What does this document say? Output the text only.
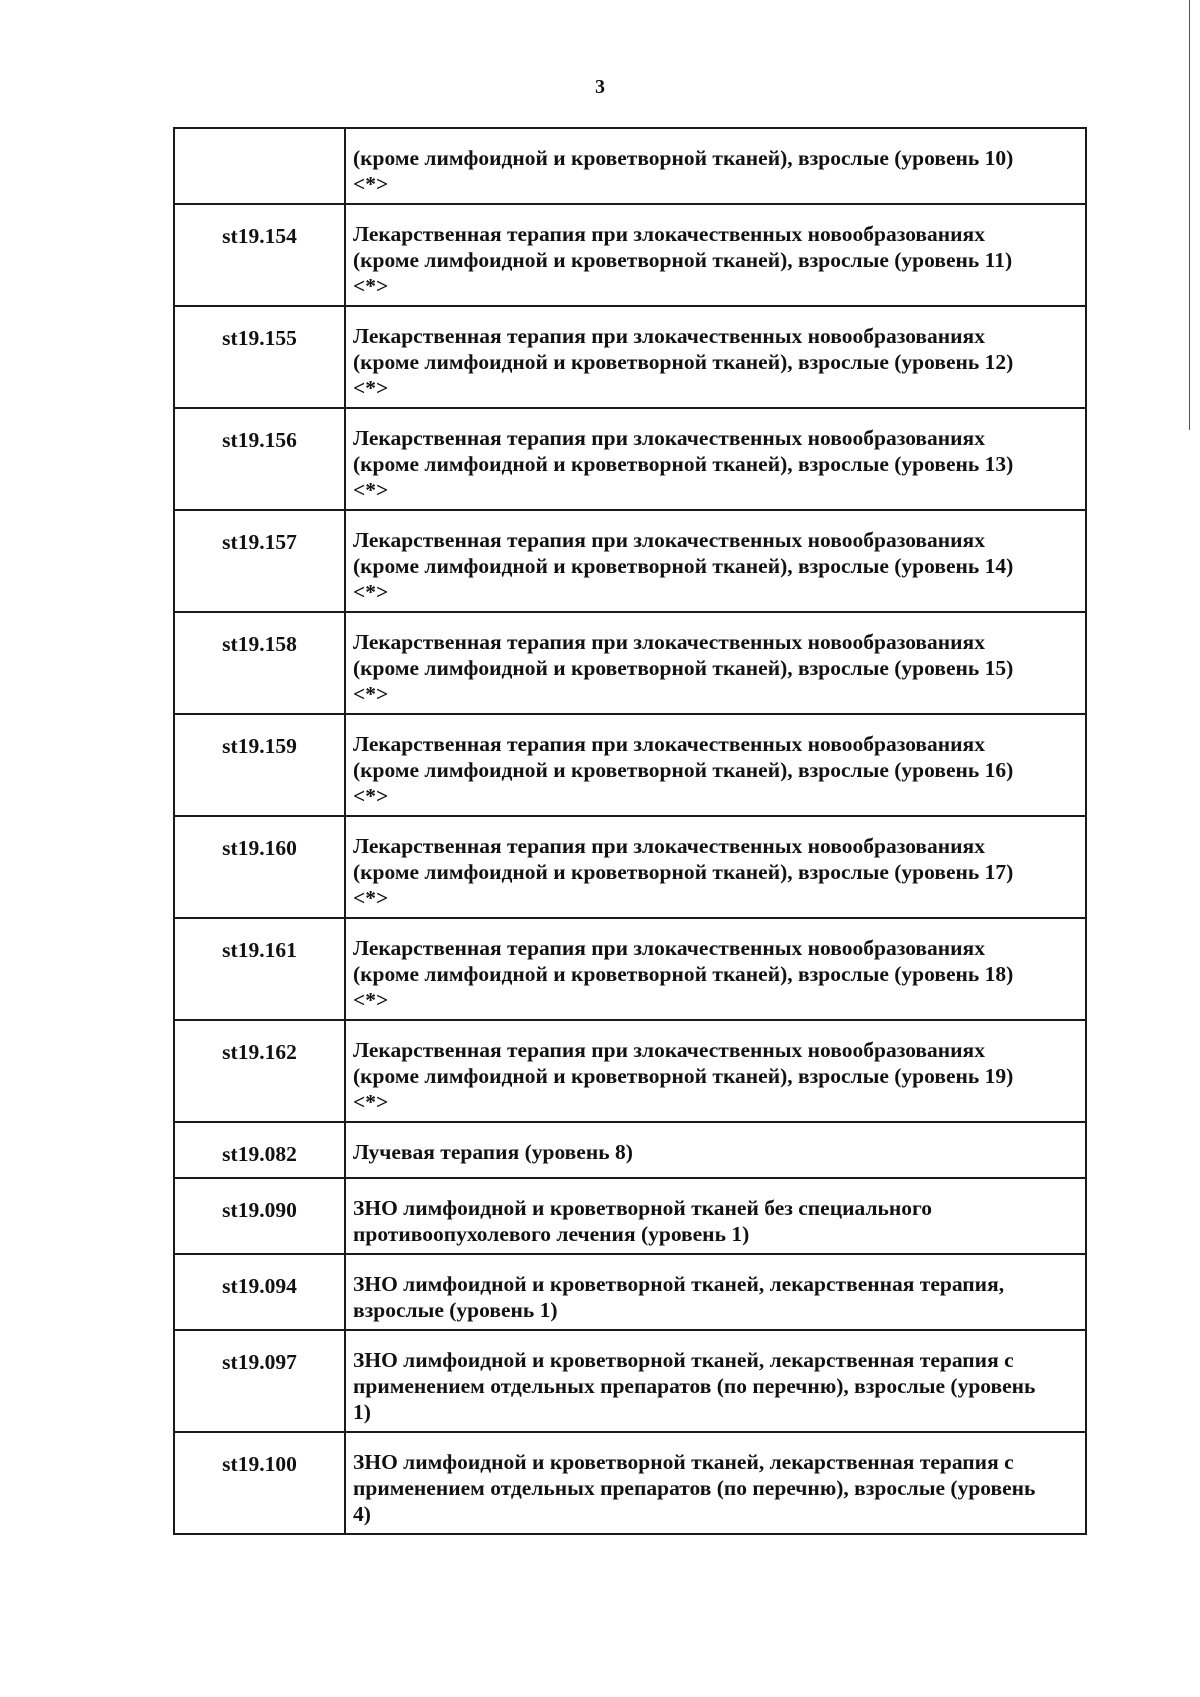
3
	(кроме лимфоидной и кроветворной тканей), взрослые (уровень 10)
<*>
st19.154	Лекарственная терапия при злокачественных новообразованиях
(кроме лимфоидной и кроветворной тканей), взрослые (уровень 11)
<*>
st19.155	Лекарственная терапия при злокачественных новообразованиях
(кроме лимфоидной и кроветворной тканей), взрослые (уровень 12)
<*>
st19.156	Лекарственная терапия при злокачественных новообразованиях
(кроме лимфоидной и кроветворной тканей), взрослые (уровень 13)
<*>
st19.157	Лекарственная терапия при злокачественных новообразованиях
(кроме лимфоидной и кроветворной тканей), взрослые (уровень 14)
<*>
st19.158	Лекарственная терапия при злокачественных новообразованиях
(кроме лимфоидной и кроветворной тканей), взрослые (уровень 15)
<*>
st19.159	Лекарственная терапия при злокачественных новообразованиях
(кроме лимфоидной и кроветворной тканей), взрослые (уровень 16)
<*>
st19.160	Лекарственная терапия при злокачественных новообразованиях
(кроме лимфоидной и кроветворной тканей), взрослые (уровень 17)
<*>
st19.161	Лекарственная терапия при злокачественных новообразованиях
(кроме лимфоидной и кроветворной тканей), взрослые (уровень 18)
<*>
st19.162	Лекарственная терапия при злокачественных новообразованиях
(кроме лимфоидной и кроветворной тканей), взрослые (уровень 19)
<*>
st19.082	Лучевая терапия (уровень 8)
st19.090	ЗНО лимфоидной и кроветворной тканей без специального
противоопухолевого лечения (уровень 1)
st19.094	ЗНО лимфоидной и кроветворной тканей, лекарственная терапия,
взрослые (уровень 1)
st19.097	ЗНО лимфоидной и кроветворной тканей, лекарственная терапия с
применением отдельных препаратов (по перечню), взрослые (уровень
1)
st19.100	ЗНО лимфоидной и кроветворной тканей, лекарственная терапия с
применением отдельных препаратов (по перечню), взрослые (уровень
4)
